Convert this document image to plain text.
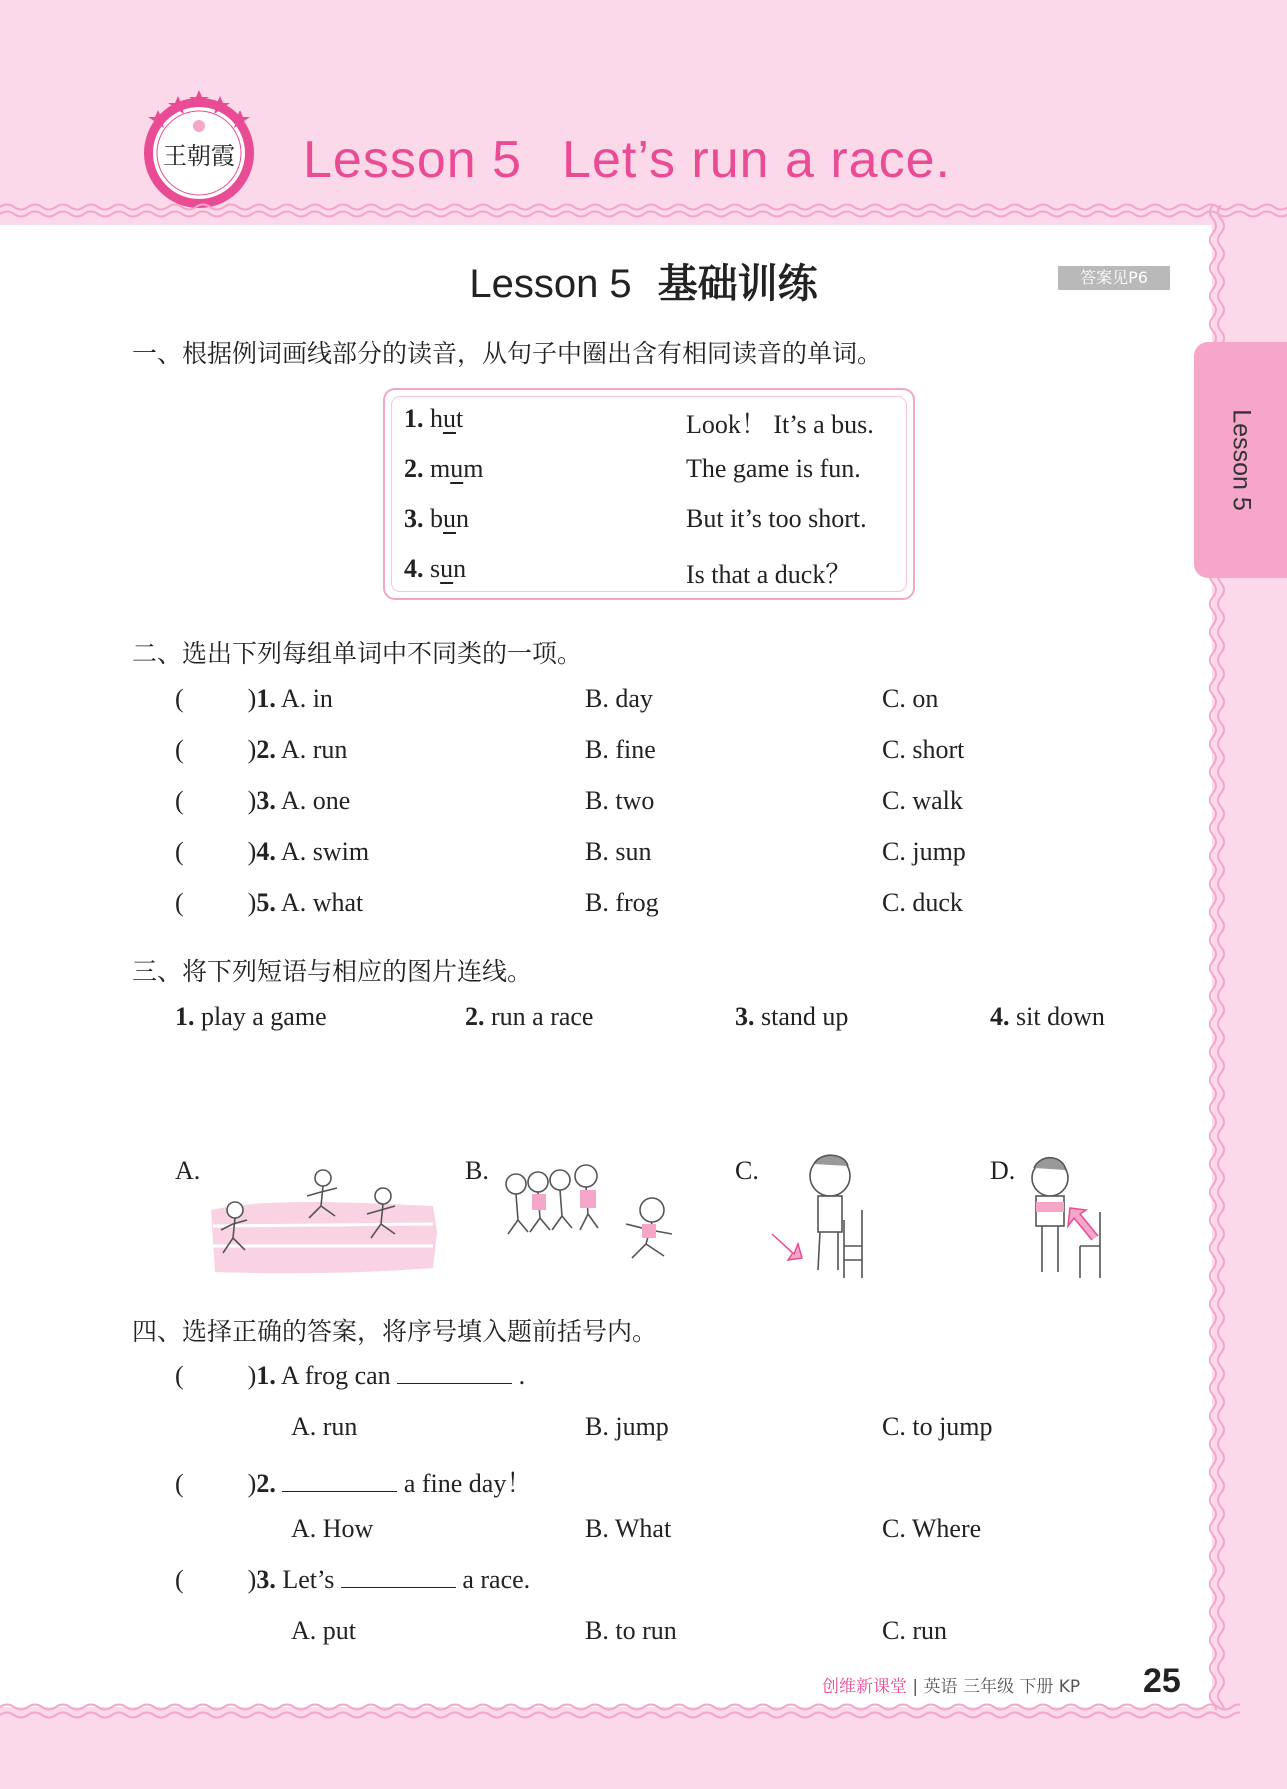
王朝霞 Lesson 5 Let’s run a race.
Lesson 5
Lesson 5 基础训练	答案见P6
一、根据例词画线部分的读音，从句子中圈出含有相同读音的单词。
1. hut	Look！ It’s a bus.
2. mum	The game is fun.
3. bun	But it’s too short.
4. sun	Is that a duck？
二、选出下列每组单词中不同类的一项。
( )1. A. in	B. day	C. on
( )2. A. run	B. fine	C. short
( )3. A. one	B. two	C. walk
( )4. A. swim	B. sun	C. jump
( )5. A. what	B. frog	C. duck
三、将下列短语与相应的图片连线。
1. play a game	2. run a race	3. stand up	4. sit down
A.	B.	C.	D.
四、选择正确的答案，将序号填入题前括号内。
( )1. A frog can	.
A. run	B. jump	C. to jump
( )2.	a fine day！
A. How	B. What	C. Where
( )3. Let’s	a race.
A. put	B. to run	C. run
创维新课堂 | 英语 三年级 下册 KP 25
